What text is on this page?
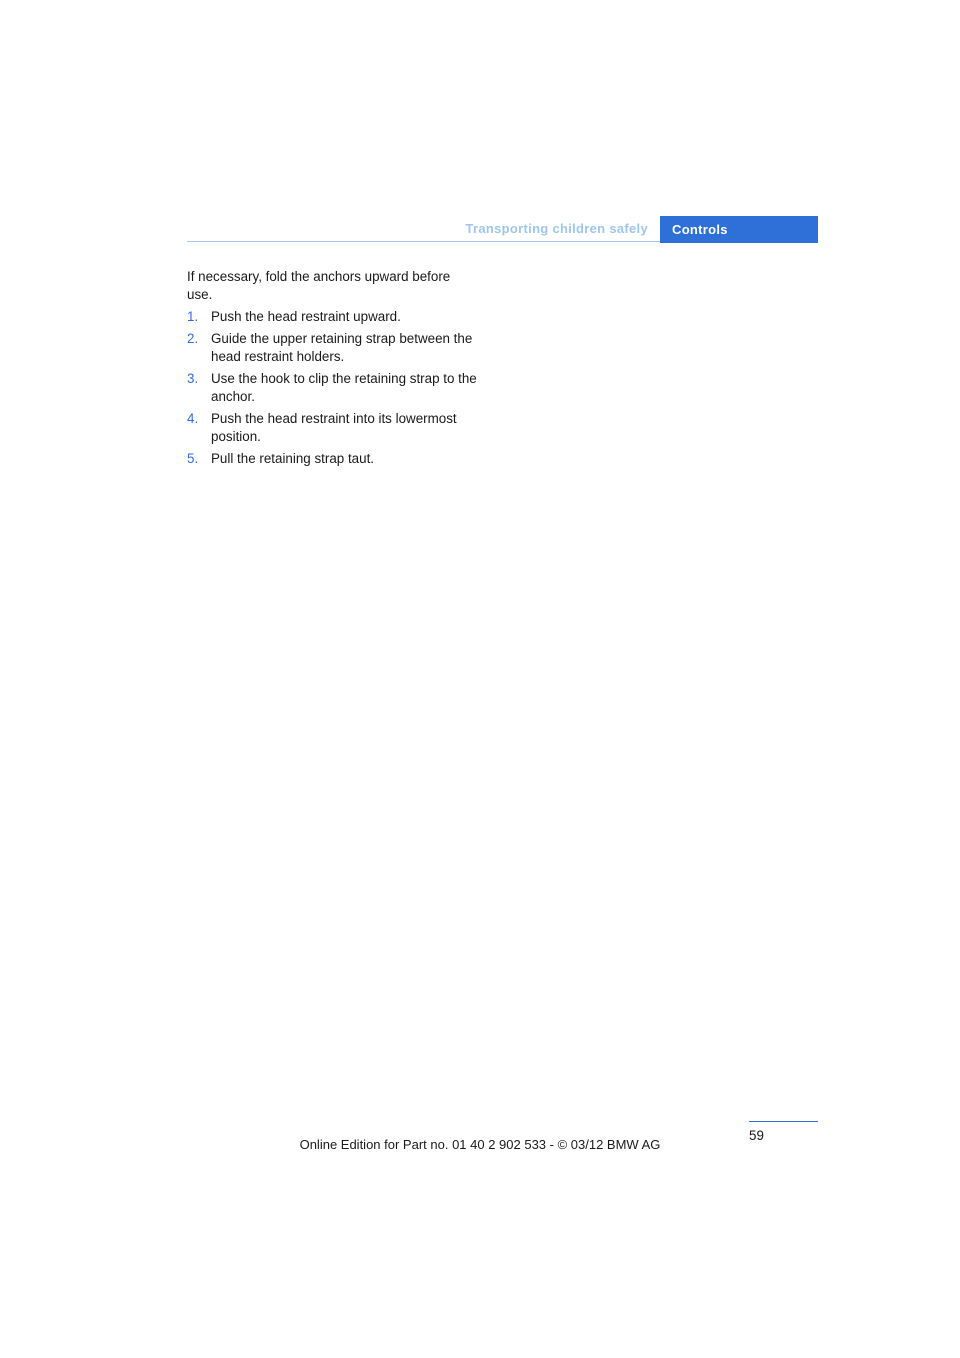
Transporting children safely Controls

If necessary, fold the anchors upward before use.

1. Push the head restraint upward.
2. Guide the upper retaining strap between the head restraint holders.
3. Use the hook to clip the retaining strap to the anchor.
4. Push the head restraint into its lowermost position.
5. Pull the retaining strap taut.
59
Online Edition for Part no. 01 40 2 902 533 - © 03/12 BMW AG
